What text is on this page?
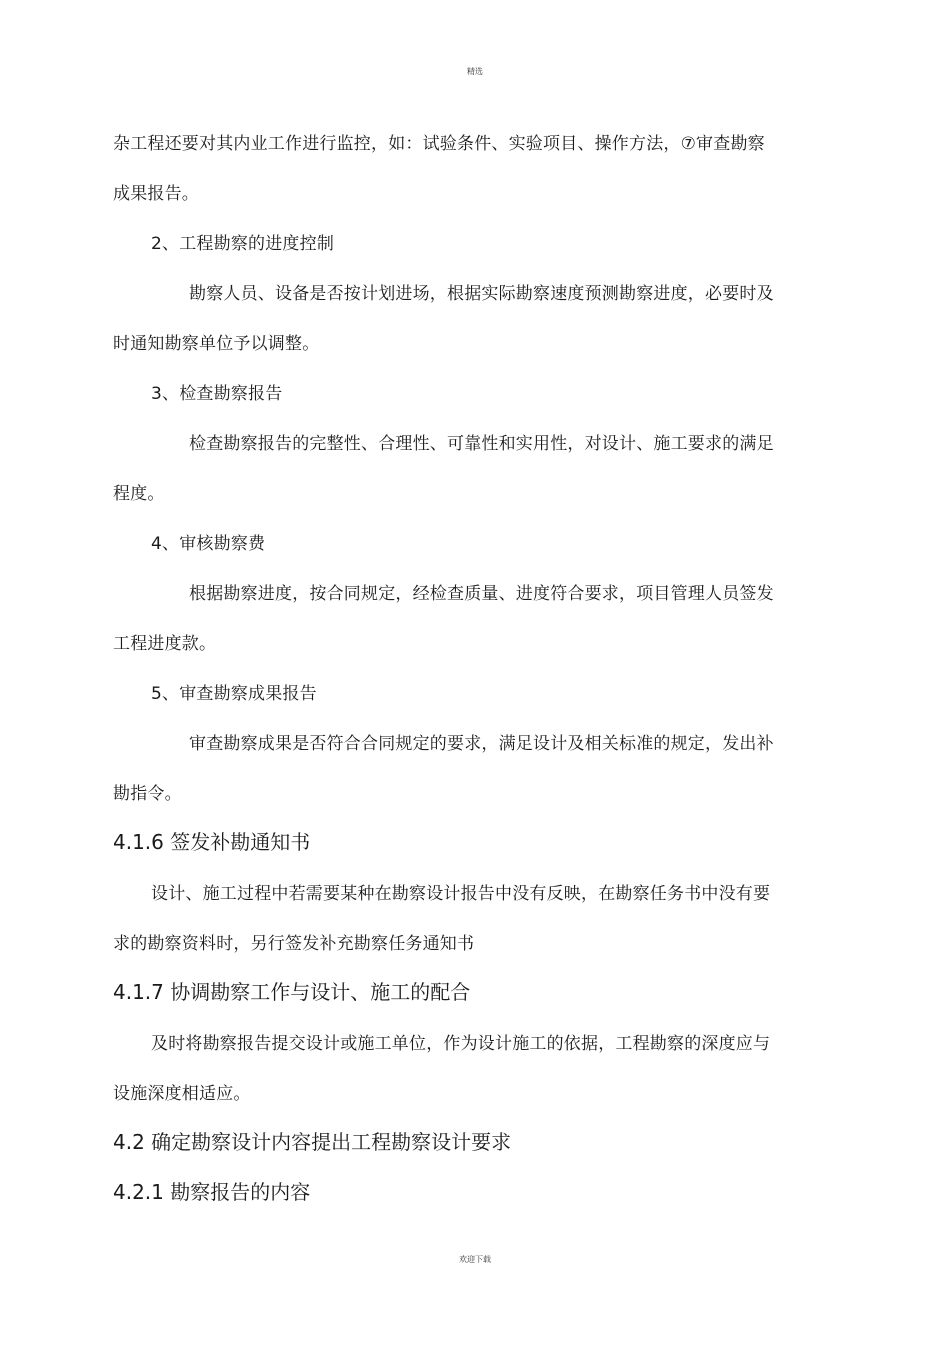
精选
杂工程还要对其内业工作进行监控，如：试验条件、实验项目、操作方法，⑦审查勘察
成果报告。
2、工程勘察的进度控制
勘察人员、设备是否按计划进场，根据实际勘察速度预测勘察进度，必要时及
时通知勘察单位予以调整。
3、检查勘察报告
检查勘察报告的完整性、合理性、可靠性和实用性，对设计、施工要求的满足
程度。
4、审核勘察费
根据勘察进度，按合同规定，经检查质量、进度符合要求，项目管理人员签发
工程进度款。
5、审查勘察成果报告
审查勘察成果是否符合合同规定的要求，满足设计及相关标准的规定，发出补
勘指令。
4.1.6 签发补勘通知书
设计、施工过程中若需要某种在勘察设计报告中没有反映，在勘察任务书中没有要
求的勘察资料时，另行签发补充勘察任务通知书
4.1.7 协调勘察工作与设计、施工的配合
及时将勘察报告提交设计或施工单位，作为设计施工的依据，工程勘察的深度应与
设施深度相适应。
4.2 确定勘察设计内容提出工程勘察设计要求
4.2.1 勘察报告的内容
欢迎下载
